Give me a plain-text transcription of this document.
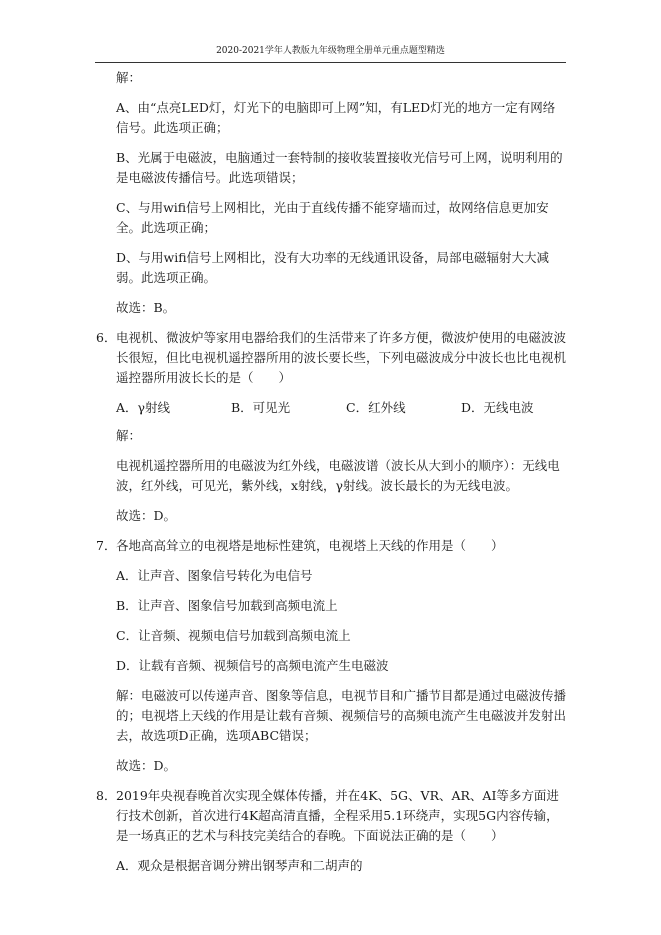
2020-2021学年人教版九年级物理全册单元重点题型精选

解：

A、由“点亮LED灯，灯光下的电脑即可上网”知，有LED灯光的地方一定有网络信号。此选项正确；

B、光属于电磁波，电脑通过一套特制的接收装置接收光信号可上网，说明利用的是电磁波传播信号。此选项错误；

C、与用wifi信号上网相比，光由于直线传播不能穿墙而过，故网络信息更加安全。此选项正确；

D、与用wifi信号上网相比，没有大功率的无线通讯设备，局部电磁辐射大大减弱。此选项正确。

故选：B。

6． 电视机、微波炉等家用电器给我们的生活带来了许多方便，微波炉使用的电磁波波长很短，但比电视机遥控器所用的波长要长些，下列电磁波成分中波长也比电视机遥控器所用波长长的是（　　）

A．γ射线	B．可见光	C．红外线	D．无线电波

解：

电视机遥控器所用的电磁波为红外线，电磁波谱（波长从大到小的顺序）：无线电波，红外线，可见光，紫外线，x射线，γ射线。波长最长的为无线电波。

故选：D。

7． 各地高高耸立的电视塔是地标性建筑，电视塔上天线的作用是（　　）

A．让声音、图象信号转化为电信号

B．让声音、图象信号加载到高频电流上

C．让音频、视频电信号加载到高频电流上

D．让载有音频、视频信号的高频电流产生电磁波

解：电磁波可以传递声音、图象等信息，电视节目和广播节目都是通过电磁波传播的；电视塔上天线的作用是让载有音频、视频信号的高频电流产生电磁波并发射出去，故选项D正确，选项ABC错误；

故选：D。

8． 2019年央视春晚首次实现全媒体传播，并在4K、5G、VR、AR、AI等多方面进行技术创新，首次进行4K超高清直播，全程采用5.1环绕声，实现5G内容传输，是一场真正的艺术与科技完美结合的春晚。下面说法正确的是（　　）

A．观众是根据音调分辨出钢琴声和二胡声的
